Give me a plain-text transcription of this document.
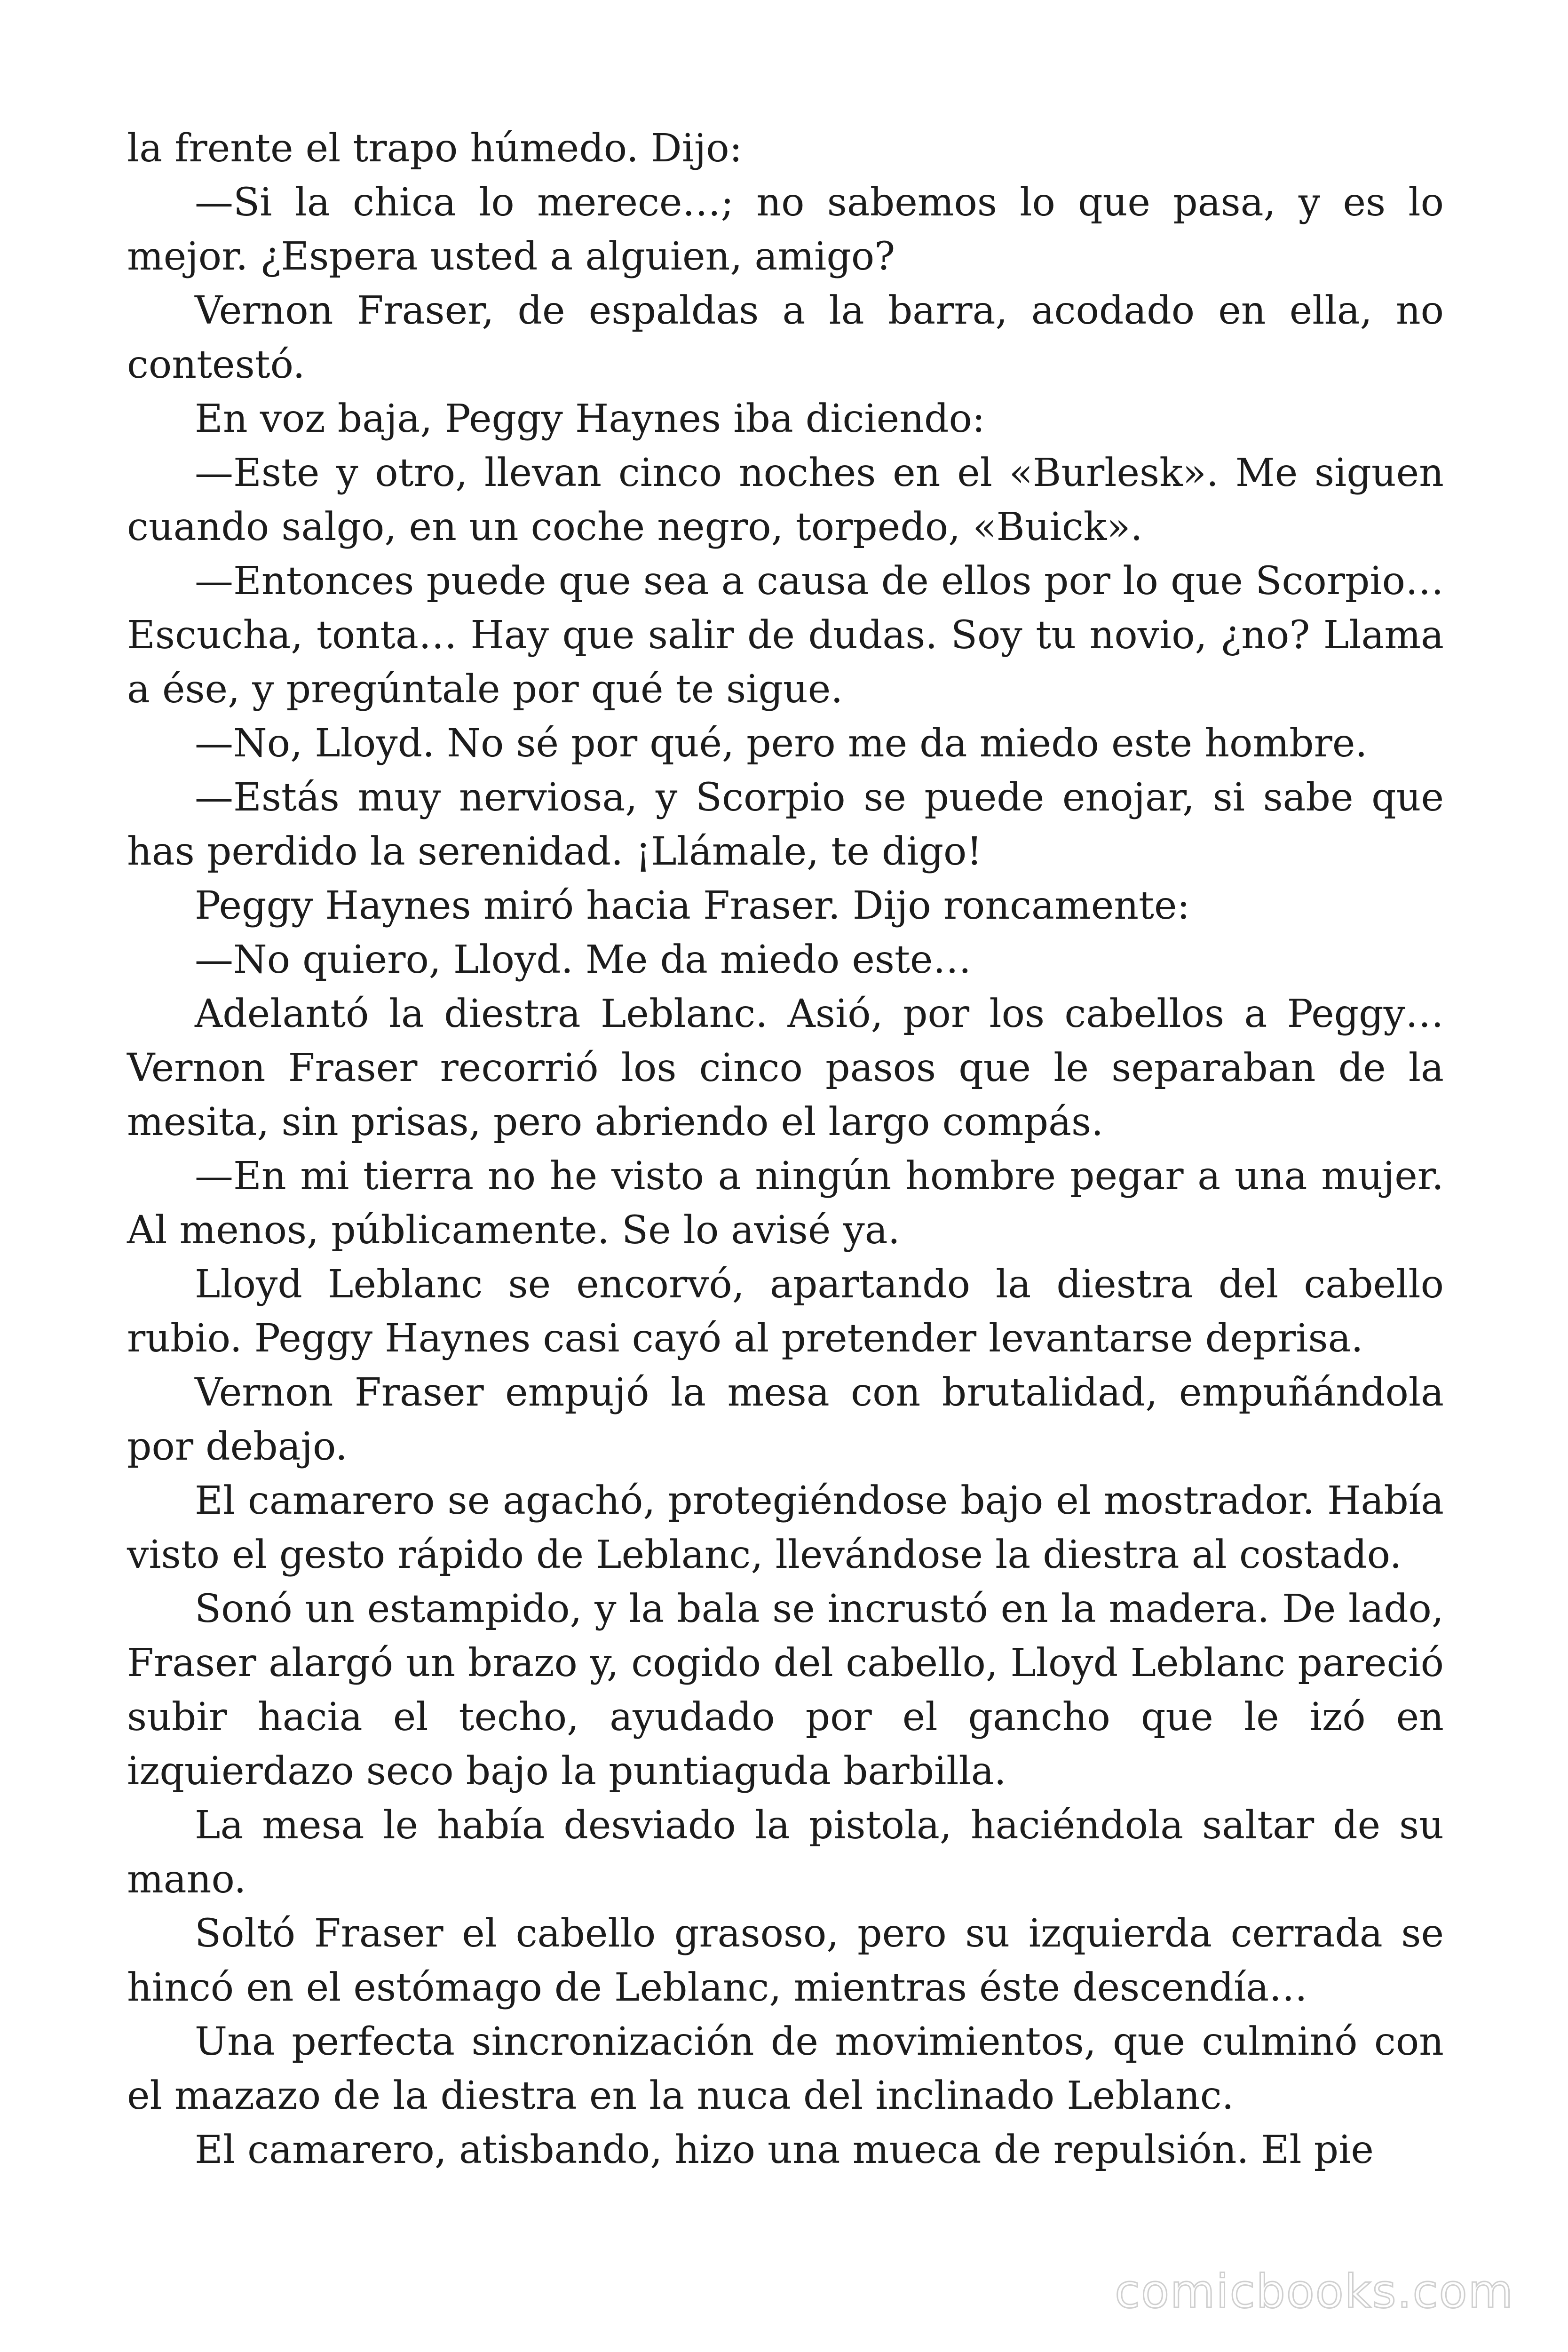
la frente el trapo húmedo. Dijo:

—Si la chica lo merece…; no sabemos lo que pasa, y es lo mejor. ¿Espera usted a alguien, amigo?

Vernon Fraser, de espaldas a la barra, acodado en ella, no contestó.

En voz baja, Peggy Haynes iba diciendo:

—Este y otro, llevan cinco noches en el «Burlesk». Me siguen cuando salgo, en un coche negro, torpedo, «Buick».

—Entonces puede que sea a causa de ellos por lo que Scorpio… Escucha, tonta… Hay que salir de dudas. Soy tu novio, ¿no? Llama a ése, y pregúntale por qué te sigue.

—No, Lloyd. No sé por qué, pero me da miedo este hombre.

—Estás muy nerviosa, y Scorpio se puede enojar, si sabe que has perdido la serenidad. ¡Llámale, te digo!

Peggy Haynes miró hacia Fraser. Dijo roncamente:

—No quiero, Lloyd. Me da miedo este…

Adelantó la diestra Leblanc. Asió, por los cabellos a Peggy… Vernon Fraser recorrió los cinco pasos que le separaban de la mesita, sin prisas, pero abriendo el largo compás.

—En mi tierra no he visto a ningún hombre pegar a una mujer. Al menos, públicamente. Se lo avisé ya.

Lloyd Leblanc se encorvó, apartando la diestra del cabello rubio. Peggy Haynes casi cayó al pretender levantarse deprisa.

Vernon Fraser empujó la mesa con brutalidad, empuñándola por debajo.

El camarero se agachó, protegiéndose bajo el mostrador. Había visto el gesto rápido de Leblanc, llevándose la diestra al costado.

Sonó un estampido, y la bala se incrustó en la madera. De lado, Fraser alargó un brazo y, cogido del cabello, Lloyd Leblanc pareció subir hacia el techo, ayudado por el gancho que le izó en izquierdazo seco bajo la puntiaguda barbilla.

La mesa le había desviado la pistola, haciéndola saltar de su mano.

Soltó Fraser el cabello grasoso, pero su izquierda cerrada se hincó en el estómago de Leblanc, mientras éste descendía…

Una perfecta sincronización de movimientos, que culminó con el mazazo de la diestra en la nuca del inclinado Leblanc.

El camarero, atisbando, hizo una mueca de repulsión. El pie

comicbooks.com
